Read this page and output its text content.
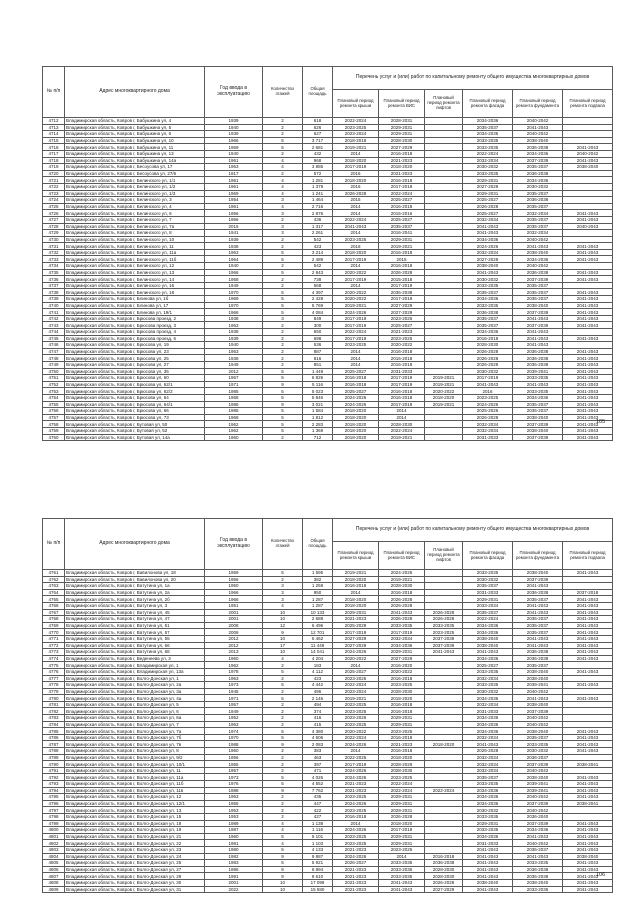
№ п/п	Адрес многоквартирного дома	Год ввода в эксплуатацию	Количество этажей	Общая площадь	Перечень услуг и (или) работ по капитальному ремонту общего имущества многоквартирных домов					
					Плановый период ремонта крыши	Плановый период ремонта ВИС	Плановый период ремонта лифтов	Плановый период ремонта фасада	Плановый период ремонта фундамента	Плановый период ремонта подвала
4712	Владимирская область, Ковров г, Бабушкина ул, 4	1939	2	618	2022-2024	2028-2031		2034-2036	2040-2042	
4713	Владимирская область, Ковров г, Бабушкина ул, 5	1940	2	626	2023-2025	2029-2031		2035-2037	2041-2043	
4714	Владимирская область, Ковров г, Бабушкина ул, 6	1939	2	627	2023-2024	2029-2031		2034-2036	2040-2042	
4715	Владимирская область, Ковров г, Бабушкина ул, 10	1966	5	3 717	2018-2018	2028-2030		2033-2035	2038-2040	
4716	Владимирская область, Ковров г, Бабушкина ул, 11	1969	5	2 681	2019-2021	2027-2029		2033-2035	2036-2038	2041-2043
4717	Владимирская область, Ковров г, Бабушкина ул, 13	1940	2	432	2014	2016-2018		2022-2024	2034-2036	2040-2042
4718	Владимирская область, Ковров г, Бабушкина ул, 14а	1961	4	968	2018-2020	2021-2023		2032-2034	2037-2039	2041-2043
4719	Владимирская область, Ковров г, Бесоусова ул, 17	1953	4	3 885	2017-2019	2018-2020		2030-2032	2035-2037	2038-2040
4720	Владимирская область, Ковров г, Бесоусова ул, 27/6	1917	2	572	2016	2021-2023		2033-2035	2036-2038	
4721	Владимирская область, Ковров г, Белинского ул, 1/1	1961	4	1 281	2018-2020	2016-2018		2029-2031	2034-2036	
4722	Владимирская область, Ковров г, Белинского ул, 1/2	1961	4	1 379	2016	2017-2019		2027-2029	2030-2032	
4723	Владимирская область, Ковров г, Белинского ул, 1/3	1969	4	1 241	2026-2028	2022-2024		2029-2031	2035-2037	
4724	Владимирская область, Ковров г, Белинского ул, 3	1954	3	1 464	2015	2025-2027		2025-2027	2036-2038	
4725	Владимирская область, Ковров г, Белинского ул, 4	1961	4	2 716	2014	2016-2018		2026-2028	2035-2037	
4726	Владимирская область, Ковров г, Белинского ул, 6	1956	3	2 876	2014	2015-2016		2025-2027	2032-2034	2041-2043
4727	Владимирская область, Ковров г, Белинского ул, 7	1956	2	436	2022-2024	2025-2027		2032-2034	2035-2037	2041-2043
4728	Владимирская область, Ковров г, Белинского ул, 7а	2015	3	1 317	2041-2043	2035-2037		2041-2043	2035-2037	2040-2043
4729	Владимирская область, Ковров г, Белинского ул, 8	1941	3	2 261	2014	2016-2041		2041-2043	2032-2034	
4730	Владимирская область, Ковров г, Белинского ул, 10	1939	2	542	2023-2025	2029-2031		2034-2036	2040-2042	
4731	Владимирская область, Ковров г, Белинского ул, 11	1938	2	423	2018	2019-2021		2024-2026	2041-2043	2041-2043
4732	Владимирская область, Ковров г, Белинского ул, 11а	1963	5	3 214	2018-2020	2016-2018		2032-2034	2038-2040	2041-2043
4733	Владимирская область, Ковров г, Белинского ул, 11б	1964	5	2 489	2017-2019	2015		2027-2029	2034-2036	2041-2043
4734	Владимирская область, Ковров г, Белинского ул, 12	1940	2	542	2014	2016-2018		2038-2040	2040-2042	
4735	Владимирская область, Ковров г, Белинского ул, 13	1966	5	2 843	2020-2022	2026-2028		2041-2043	2036-2038	2041-2043
4736	Владимирская область, Ковров г, Белинского ул, 14	1958	2	738	2017-2019	2015-2018		2030-2032	2037-2039	2041-2043
4737	Владимирская область, Ковров г, Белинского ул, 16	1949	2	568	2014	2017-2019		2033-2035	2035-2037	
4738	Владимирская область, Ковров г, Белинского ул, 18	1970	5	4 397	2020-2022	2036-2038		2035-2037	2035-2037	2041-2043
4739	Владимирская область, Ковров г, Блинова ул, 1б	1969	5	2 428	2020-2022	2017-2019		2034-2036	2035-2037	2041-2043
4740	Владимирская область, Ковров г, Блинова ул, 17	1970	5	5 769	2019-2021	2027-2029		2033-2035	2038-2040	2041-2043
4741	Владимирская область, Ковров г, Блинова ул, 19/1	1966	5	4 084	2024-2026	2027-2029		2036-2038	2037-2039	2041-2043
4742	Владимирская область, Ковров г, Брюсова проезд, 2	1938	3	849	2017-2019	2023-2025		2035-2037	2041-2043	2041-2043
4743	Владимирская область, Ковров г, Брюсова проезд, 3	1953	2	300	2017-2019	2025-2027		2035-2037	2037-2039	2041-2043
4744	Владимирская область, Ковров г, Брюсова проезд, 4	1938	2	650	2022-2024	2021-2023		2034-2036	2041-2043	
4745	Владимирская область, Ковров г, Брюсова проезд, 6	1939	2	698	2017-2019	2023-2025		2016-2018	2041-2043	2041-2043
4746	Владимирская область, Ковров г, Брюсова ул, 19	1940	2	536	2023-2025	2020-2022		2028-2030	2041-2043	
4747	Владимирская область, Ковров г, Брюсова ул, 23	1953	2	887	2014	2016-2018		2026-2028	2036-2038	2041-2043
4748	Владимирская область, Ковров г, Брюсова ул, 25	1938	2	816	2014	2016-2018		2026-2028	2036-2038	2041-2043
4749	Владимирская область, Ковров г, Брюсова ул, 27	1949	2	851	2014	2016-2018		2026-2028	2036-2038	2041-2043
4750	Владимирская область, Ковров г, Брюсова ул, 35	2012	5	1 449	2025-2027	2031-2033		2030-2032	2039-2041	2041-2043
4751	Владимирская область, Ковров г, Брюсова ул, 60	1967	5	6 826	2016-2018	2017-2019	2019-2021	2017-2019	2033-2035	2041-2043
4752	Владимирская область, Ковров г, Брюсова ул, 62/1	1971	9	5 116	2016-2018	2017-2019	2019-2021	2041-2043	2041-2043	2041-2043
4753	Владимирская область, Ковров г, Брюсова ул, 62/2	1985	5	5 023	2025-2027	2016-2018	2020-2022	2016	2033-2035	2041-2043
4754	Владимирская область, Ковров г, Брюсова ул, 64	1968	5	5 846	2024-2026	2016-2018	2018-2020	2023-2025	2034-2036	2041-2043
4755	Владимирская область, Ковров г, Брюсова ул, 64/1	1986	9	3 021	2024-2026	2017-2019	2019-2021	2024-2026	2035-2037	2041-2043
4756	Владимирская область, Ковров г, Брюсова ул, 66	1985	5	1 584	2018-2020	2014		2025-2026	2035-2037	2041-2043
4757	Владимирская область, Ковров г, Брюсова ул, 73	1968	5	1 812	2018-2020	2014		2026-2028	2038-2040	2041-2043
4758	Владимирская область, Ковров г, Бутовая ул, 50	1962	5	2 283	2018-2020	2028-2030		2032-2034	2037-2039	2041-2043
4759	Владимирская область, Ковров г, Бутовая ул, 52	1962	5	1 369	2018-2020	2022-2024		2032-2034	2038-2040	2041-2043
4760	Владимирская область, Ковров г, Бутовая ул, 14а	1960	2	712	2018-2020	2019-2021		2031-2033	2037-2039	2041-2043
105
№ п/п	Адрес многоквартирного дома	Год ввода в эксплуатацию	Количество этажей	Общая площадь	Перечень услуг и (или) работ по капитальному ремонту общего имущества многоквартирных домов					
					Плановый период ремонта крыши	Плановый период ремонта ВИС	Плановый период ремонта лифтов	Плановый период ремонта фасада	Плановый период ремонта фундамента	Плановый период ремонта подвала
4761	Владимирская область, Ковров г, Вавилонова ул, 18	1959	5	1 595	2019-2021	2024-2026		2033-2035	2038-2040	2041-2043
4762	Владимирская область, Ковров г, Вавилонова ул, 20	1956	2	382	2018-2020	2019-2021		2030-2032	2037-2039	
4763	Владимирская область, Ковров г, Ватутина ул, 1а	1950	3	1 258	2016-2018	2028-2030		2035-2037	2041-2043	
4764	Владимирская область, Ковров г, Ватутина ул, 2а	1966	3	950	2014	2016-2018		2031-2033	2036-2038	2037-2018
4765	Владимирская область, Ковров г, Ватутина ул, 2б	1966	3	1 287	2018-2020	2026-2028		2029-2031	2035-2037	2041-2043
4766	Владимирская область, Ковров г, Ватутина ул, 3	1951	4	1 287	2018-2020	2026-2028		2033-2034	2041-2043	2041-2043
4767	Владимирская область, Ковров г, Ватутина ул, 45	2001	10	10 133	2029-2031	2041-2043	2026-2028	2035-2037	2041-2043	2041-2043
4768	Владимирская область, Ковров г, Ватутина ул, 47	2001	10	2 588	2021-2023	2026-2028	2026-2028	2022-2024	2035-2037	2041-2043
4769	Владимирская область, Ковров г, Ватутина ул, 51	2008	12	6 496	2025-2028	2033-2035	2033-2035	2034-2036	2035-2037	2041-2043
4770	Владимирская область, Ковров г, Ватутина ул, 57	2006	9	12 701	2017-2019	2017-2019	2023-2025	2034-2036	2035-2037	2041-2043
4771	Владимирская область, Ковров г, Ватутина ул, 55	2012	10	5 462	2027-2029	2032-2034	2037-2039	2038-2040	2041-2043	2041-2043
4772	Владимирская область, Ковров г, Ватутина ул, 66	2012	17	11 449	2027-2029	2034-2036	2037-2039	2038-2040	2041-2043	2041-2043
4773	Владимирская область, Ковров г, Ватутина ул, 68	2013	10	14 041	2024-2026	2029-2031	2041-2043	2041-2043	2036-2038	2041-2043
4774	Владимирская область, Ковров г, Веденеева ул, 3	1960	4	4 204	2020-2022	2027-2029		2034-2036	2036-2038	2041-2043
4775	Владимирская область, Ковров г, Владимирская ул, 1	1962	2	183	2014	2016-2020		2025-2027	2035-2037	
4776	Владимирская область, Ковров г, Владимирская ул, 13а	1978	5	4 112	2025-2027	2020-2022		2033-2035	2038-2040	2041-2043
4777	Владимирская область, Ковров г, Волго-Донская ул, 1	1963	2	423	2023-2025	2016-2018		2032-2034	2038-2040	
4778	Владимирская область, Ковров г, Волго-Донская ул, 2а	1973	5	4 442	2022-2024	2023-2025		2033-2035	2039-2041	2041-2043
4779	Владимирская область, Ковров г, Волго-Донская ул, 3а	1945	2	496	2023-2024	2028-2030		2030-2032	2040-2042	
4780	Владимирская область, Ковров г, Волго-Донская ул, 4а	1971	5	2 146	2019-2021	2018-2020		2034-2036	2041-2043	2041-2043
4781	Владимирская область, Ковров г, Волго-Донская ул, 5	1957	2	494	2023-2025	2016-2018		2032-2034	2038-2040	
4782	Владимирская область, Ковров г, Волго-Донская ул, 6	1949	2	374	2023-2025	2016-2018		2031-2033	2037-2039	
4783	Владимирская область, Ковров г, Волго-Донская ул, 6а	1952	2	416	2023-2026	2029-2031		2034-2036	2040-2042	
4784	Владимирская область, Ковров г, Волго-Донская ул, 7	1953	2	415	2023-2025	2029-2031		2034-2036	2040-2042	
4785	Владимирская область, Ковров г, Волго-Донская ул, 7а	1974	5	4 380	2020-2022	2023-2025		2034-2036	2038-2040	2041-2043
4786	Владимирская область, Ковров г, Волго-Донская ул, 7б	1970	5	4 506	2022-2024	2016-2018		2032-2034	2035-2037	2041-2043
4787	Владимирская область, Ковров г, Волго-Донская ул, 7в	1988	9	2 083	2024-2026	2021-2023	2018-2020	2041-2043	2033-2035	2041-2043
4788	Владимирская область, Ковров г, Волго-Донская ул, 8	1960	2	383	2014	2016-2018		2026-2028	2030-2032	2041-2043
4789	Владимирская область, Ковров г, Волго-Донская ул, 9/2	1956	2	463	2022-2025	2018-2020		2032-2034	2036-2037	
4790	Владимирская область, Ковров г, Волго-Донская ул, 10/1	1955	2	397	2017-2019	2028-2029		2032-2034	2037-2039	2038-2041
4791	Владимирская область, Ковров г, Волго-Донская ул, 11	1957	2	471	2024-2026	2028-2030		2032-2034	2040-2042	
4792	Владимирская область, Ковров г, Волго-Донская ул, 11а	1973	5	4 026	2024-2026	2023-2025		2035-2037	2038-2040	2041-2043
4793	Владимирская область, Ковров г, Волго-Донская ул, 11б	1976	5	4 552	2021-2023	2022-2024		2033-2035	2039-2041	2041-2043
4794	Владимирская область, Ковров г, Волго-Донская ул, 11в	1988	9	7 762	2021-2023	2022-2024	2022-2024	2034-2036	2039-2041	2041-2043
4795	Владимирская область, Ковров г, Волго-Донская ул, 12	1953	2	435	2023-2025	2029-2031		2034-2036	2040-2042	2041-2043
4796	Владимирская область, Ковров г, Волго-Донская ул, 12/1	1955	2	447	2024-2026	2029-2031		2034-2036	2037-2039	2038-2041
4797	Владимирская область, Ковров г, Волго-Донская ул, 13	1953	2	422	2023-2025	2029-2031		2030-2032	2040-2042	
4798	Владимирская область, Ковров г, Волго-Донская ул, 15	1953	2	427	2016-2018	2026-2028		2033-2035	2036-2040	
4799	Владимирская область, Ковров г, Волго-Донская ул, 18	1989	4	1 138	2014	2018-2020		2029-2031	2037-2039	2041-2043
4800	Владимирская область, Ковров г, Волго-Донская ул, 19	1987	4	1 116	2024-2026	2017-2019		2033-2035	2034-2036	2041-2043
4801	Владимирская область, Ковров г, Волго-Донская ул, 21	1960	5	5 101	2023-2025	2029-2031		2034-2036	2041-2043	2041-2043
4802	Владимирская область, Ковров г, Волго-Донская ул, 22	1981	4	1 103	2023-2025	2029-2031		2031-2033	2040-2042	2041-2043
4803	Владимирская область, Ковров г, Волго-Донская ул, 23	1980	5	4 133	2021-2023	2023-2025		2041-2043	2035-2037	2041-2043
4804	Владимирская область, Ковров г, Волго-Донская ул, 24	1982	9	9 887	2024-2026	2014	2016-2018	2041-2043	2041-2043	2038-2040
4805	Владимирская область, Ковров г, Волго-Донская ул, 25	1983	5	5 921	2026-2027	2033-2035	2036-2038	2041-2043	2033-2035	2041-2043
4806	Владимирская область, Ковров г, Волго-Донская ул, 27	1986	9	6 894	2021-2023	2033-2035	2028-2030	2041-2043	2036-2038	2041-2043
4807	Владимирская область, Ковров г, Волго-Донская ул, 29	1991	9	8 610	2021-2023	2033-2035	2028-2030	2041-2043	2036-2038	2041-2043
4808	Владимирская область, Ковров г, Волго-Донская ул, 30	2001	10	17 098	2021-2023	2041-2043	2026-2028	2038-2040	2038-2040	2041-2043
4809	Владимирская область, Ковров г, Волго-Донская ул, 31	2022	10	15 580	2021-2023	2041-2043	2027-2029	2041-2043	2033-2035	2041-2043
106
